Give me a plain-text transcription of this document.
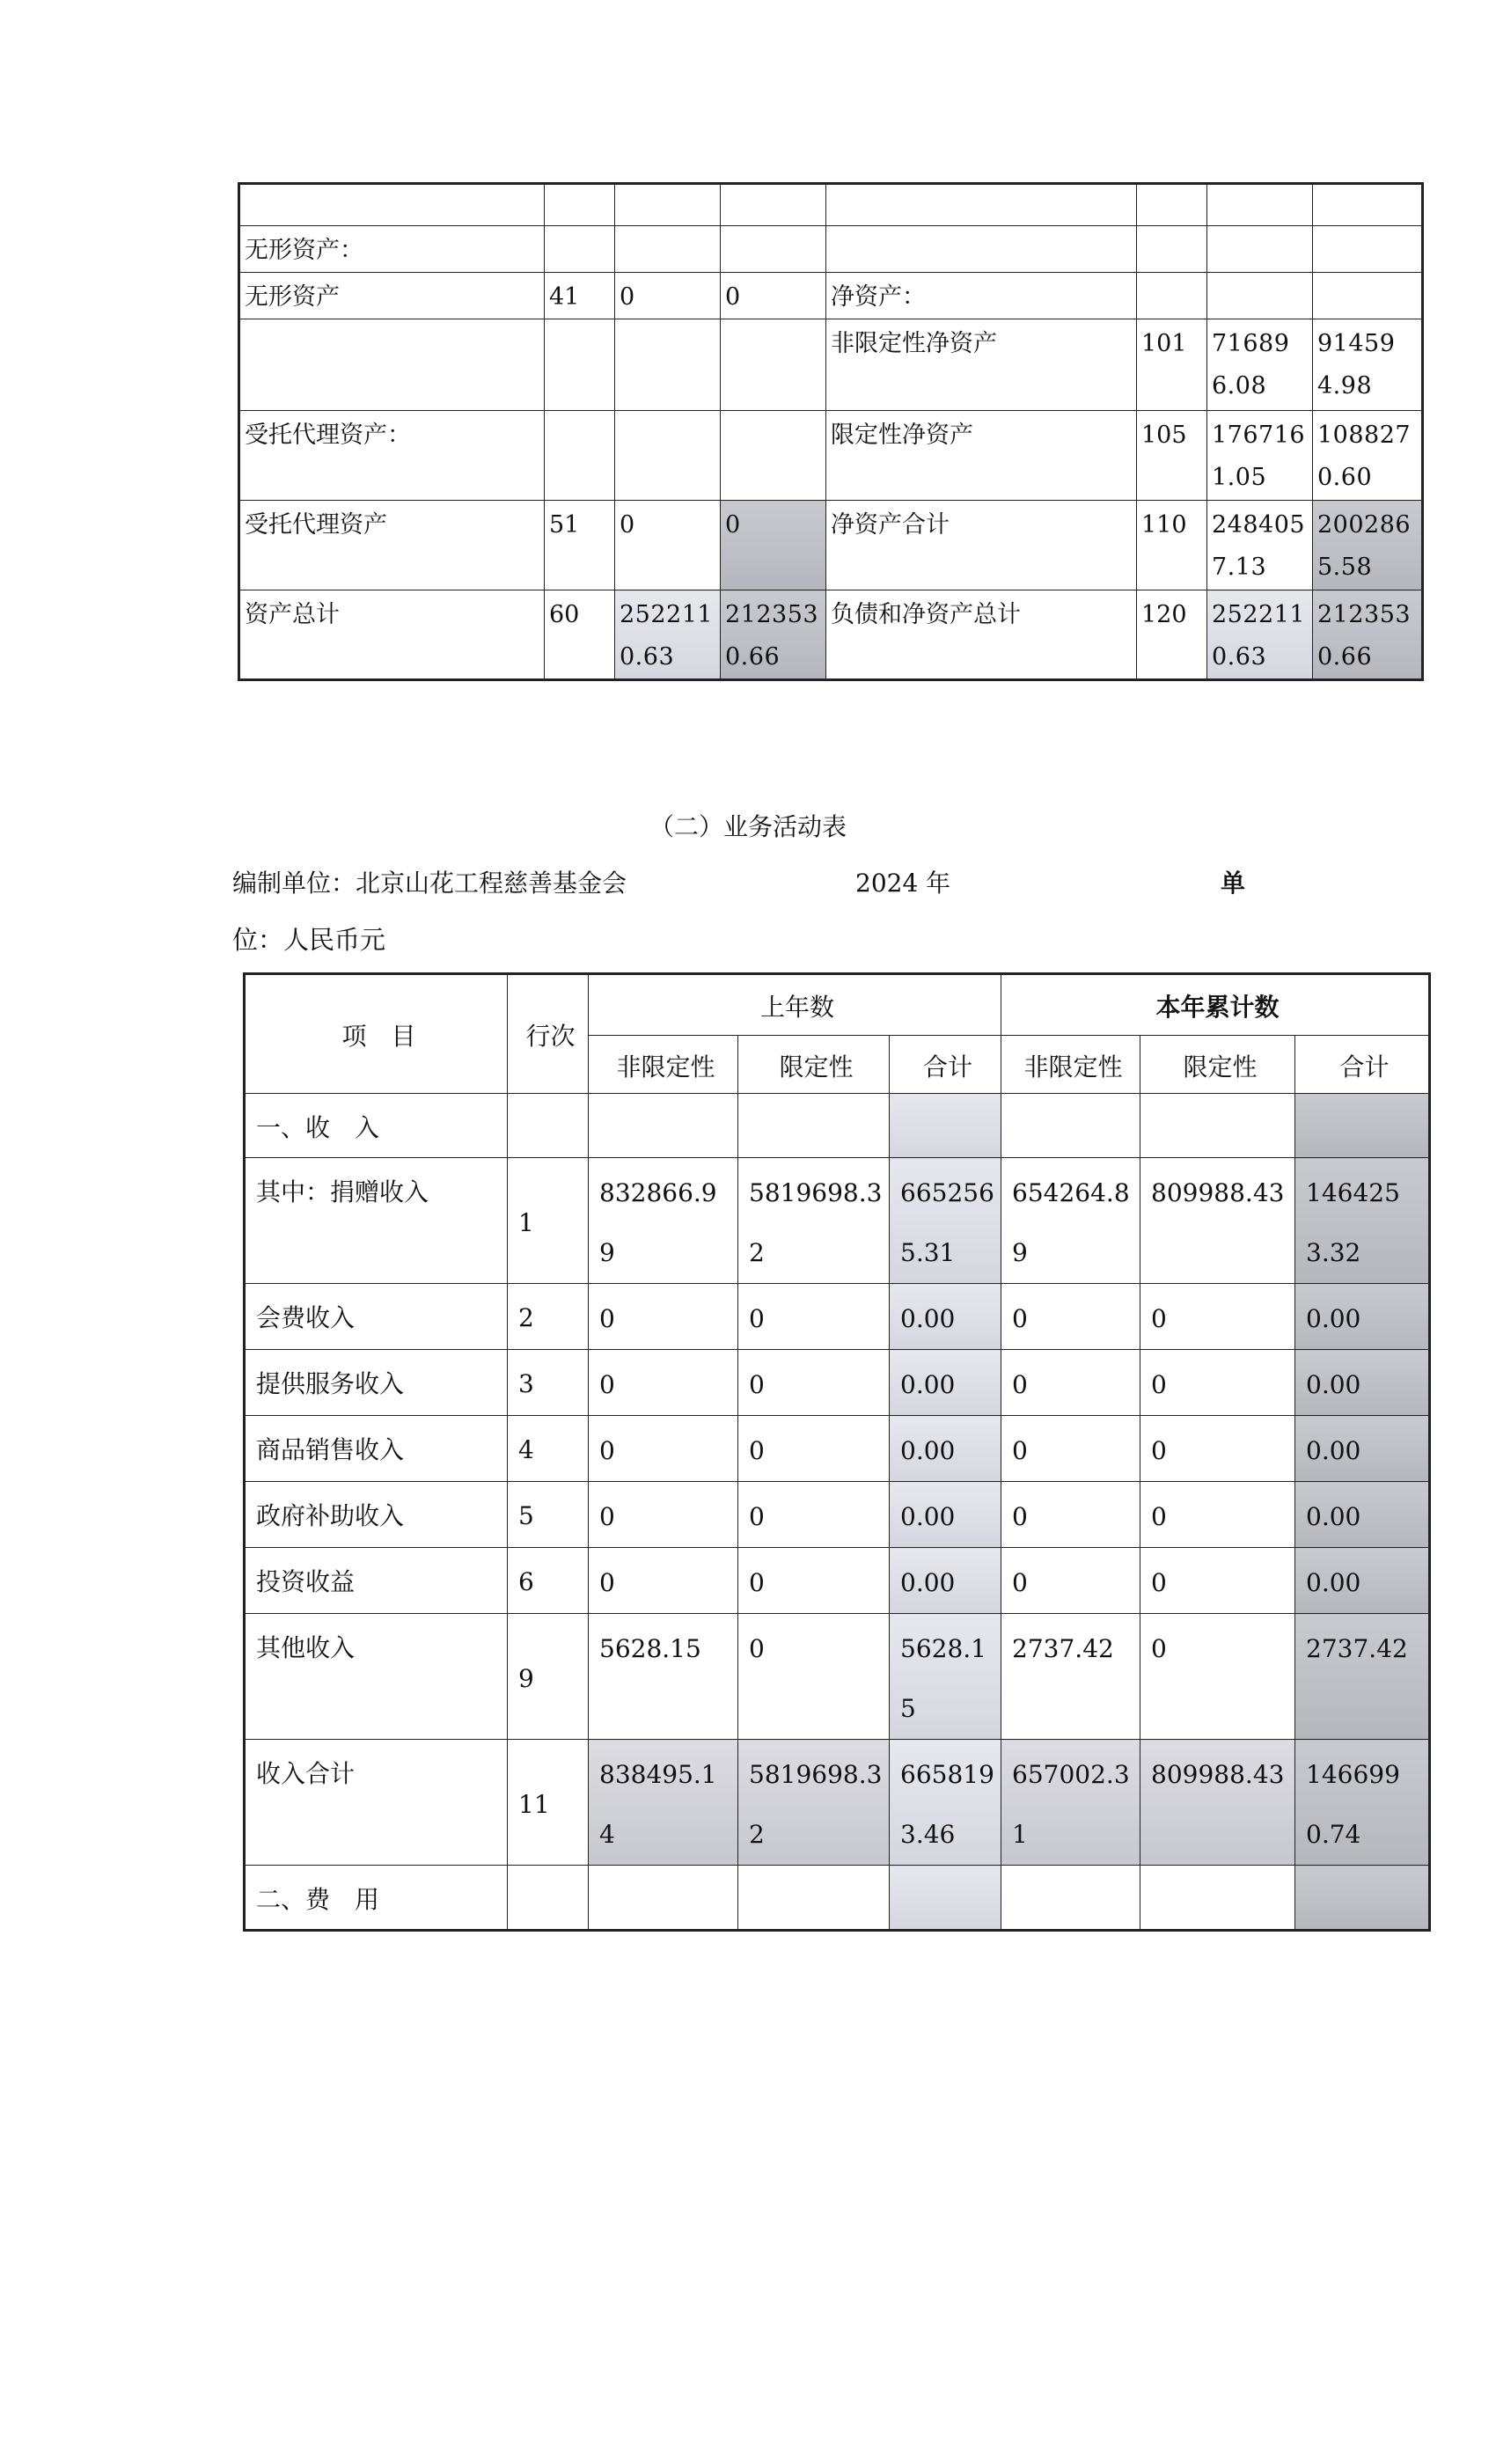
无形资产：							
无形资产	41	0	0	净资产：			
				非限定性净资产	101	716896.08	914594.98
受托代理资产：				限定性净资产	105	1767161.05	1088270.60
受托代理资产	51	0	0	净资产合计	110	2484057.13	2002865.58
资产总计	60	2522110.63	2123530.66	负债和净资产总计	120	2522110.63	2123530.66
（二）业务活动表
编制单位：北京山花工程慈善基金会	2024 年	单
位：人民币元
项　目	行次	上年数			本年累计数		
		非限定性	限定性	合计	非限定性	限定性	合计
一、收　入							
其中：捐赠收入	1	832866.99	5819698.32	6652565.31	654264.89	809988.43	1464253.32
会费收入	2	0	0	0.00	0	0	0.00
提供服务收入	3	0	0	0.00	0	0	0.00
商品销售收入	4	0	0	0.00	0	0	0.00
政府补助收入	5	0	0	0.00	0	0	0.00
投资收益	6	0	0	0.00	0	0	0.00
其他收入	9	5628.15	0	5628.15	2737.42	0	2737.42
收入合计	11	838495.14	5819698.32	6658193.46	657002.31	809988.43	1466990.74
二、费　用							
